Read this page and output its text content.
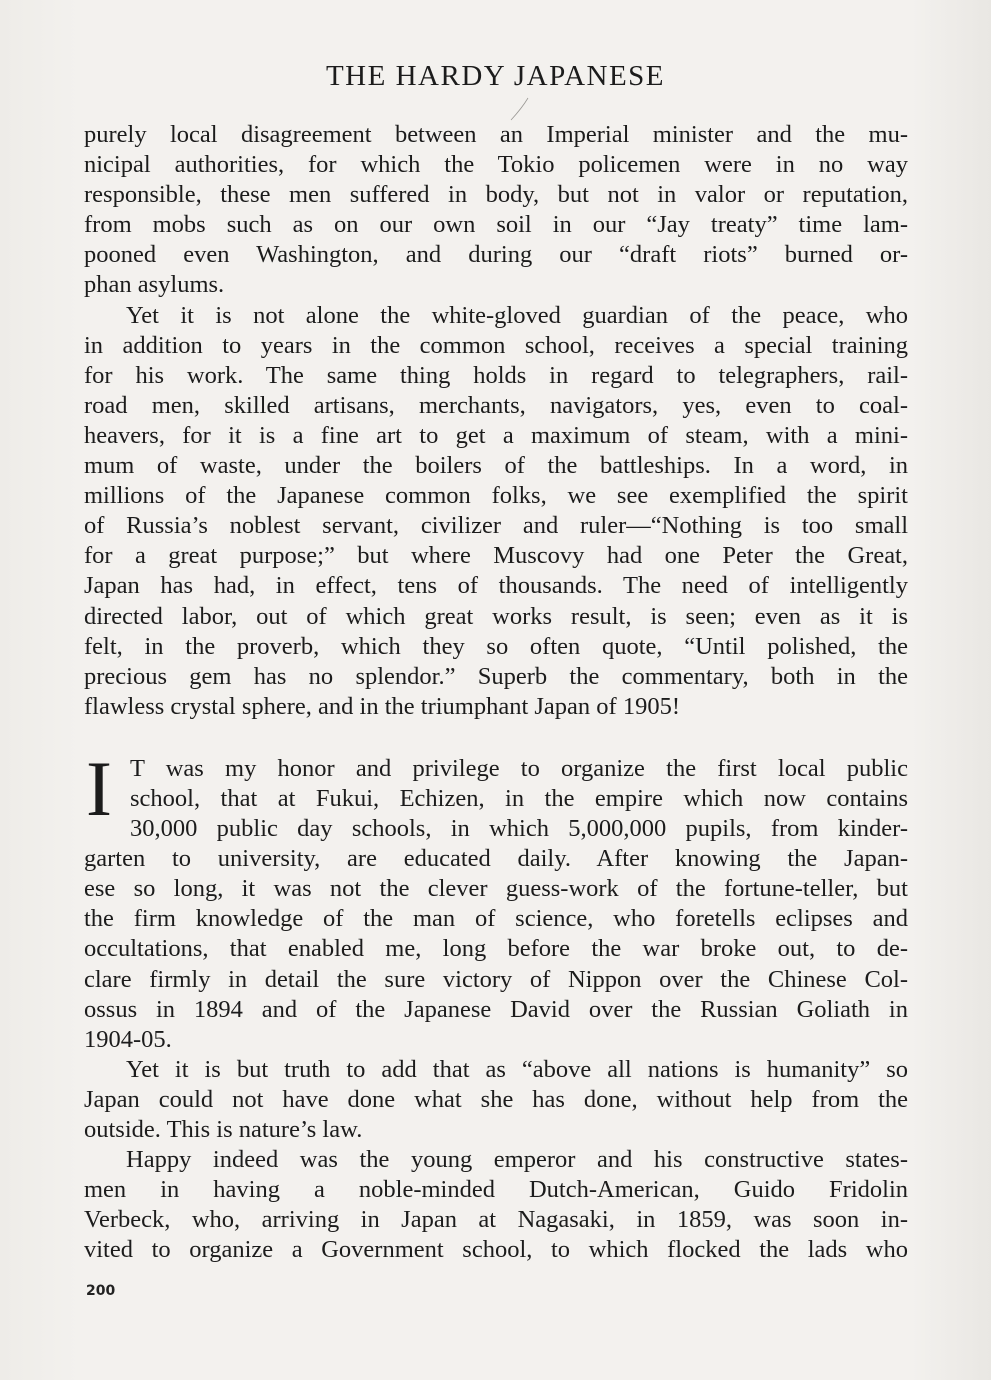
THE HARDY JAPANESE
purely local disagreement between an Imperial minister and the mu-
nicipal authorities, for which the Tokio policemen were in no way
responsible, these men suffered in body, but not in valor or reputation,
from mobs such as on our own soil in our “Jay treaty” time lam-
pooned even Washington, and during our “draft riots” burned or-
phan asylums.
Yet it is not alone the white-gloved guardian of the peace, who
in addition to years in the common school, receives a special training
for his work. The same thing holds in regard to telegraphers, rail-
road men, skilled artisans, merchants, navigators, yes, even to coal-
heavers, for it is a fine art to get a maximum of steam, with a mini-
mum of waste, under the boilers of the battleships. In a word, in
millions of the Japanese common folks, we see exemplified the spirit
of Russia’s noblest servant, civilizer and ruler—“Nothing is too small
for a great purpose;” but where Muscovy had one Peter the Great,
Japan has had, in effect, tens of thousands. The need of intelligently
directed labor, out of which great works result, is seen; even as it is
felt, in the proverb, which they so often quote, “Until polished, the
precious gem has no splendor.” Superb the commentary, both in the
flawless crystal sphere, and in the triumphant Japan of 1905!
I T was my honor and privilege to organize the first local public
school, that at Fukui, Echizen, in the empire which now contains
30,000 public day schools, in which 5,000,000 pupils, from kinder-
garten to university, are educated daily. After knowing the Japan-
ese so long, it was not the clever guess-work of the fortune-teller, but
the firm knowledge of the man of science, who foretells eclipses and
occultations, that enabled me, long before the war broke out, to de-
clare firmly in detail the sure victory of Nippon over the Chinese Col-
ossus in 1894 and of the Japanese David over the Russian Goliath in
1904-05.
Yet it is but truth to add that as “above all nations is humanity” so
Japan could not have done what she has done, without help from the
outside. This is nature’s law.
Happy indeed was the young emperor and his constructive states-
men in having a noble-minded Dutch-American, Guido Fridolin
Verbeck, who, arriving in Japan at Nagasaki, in 1859, was soon in-
vited to organize a Government school, to which flocked the lads who
200
